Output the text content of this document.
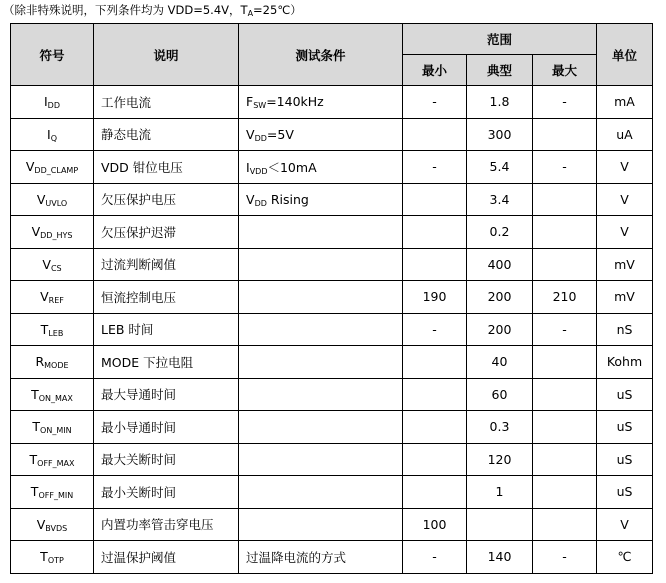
（除非特殊说明，下列条件均为 VDD=5.4V，$T_A=25℃$）
符号	说明	测试条件	范围			单位
			最小	典型	最大	
$I_{DD}$	工作电流	$F_{SW}=140kHz$	-	1.8	-	mA
$I_Q$	静态电流	$V_{DD}=5V$		300		uA
$V_{DD\_CLAMP}$	VDD 钳位电压	$I_{VDD}<10mA$	-	5.4	-	V
$V_{UVLO}$	欠压保护电压	$V_{DD}$ Rising		3.4		V
$V_{DD\_HYS}$	欠压保护迟滞			0.2		V
$V_{CS}$	过流判断阈值			400		mV
$V_{REF}$	恒流控制电压		190	200	210	mV
$T_{LEB}$	LEB 时间		-	200	-	nS
$R_{MODE}$	MODE 下拉电阻			40		Kohm
$T_{ON\_MAX}$	最大导通时间			60		uS
$T_{ON\_MIN}$	最小导通时间			0.3		uS
$T_{OFF\_MAX}$	最大关断时间			120		uS
$T_{OFF\_MIN}$	最小关断时间			1		uS
$V_{BVDS}$	内置功率管击穿电压		100			V
$T_{OTP}$	过温保护阈值	过温降电流的方式	-	140	-	℃
